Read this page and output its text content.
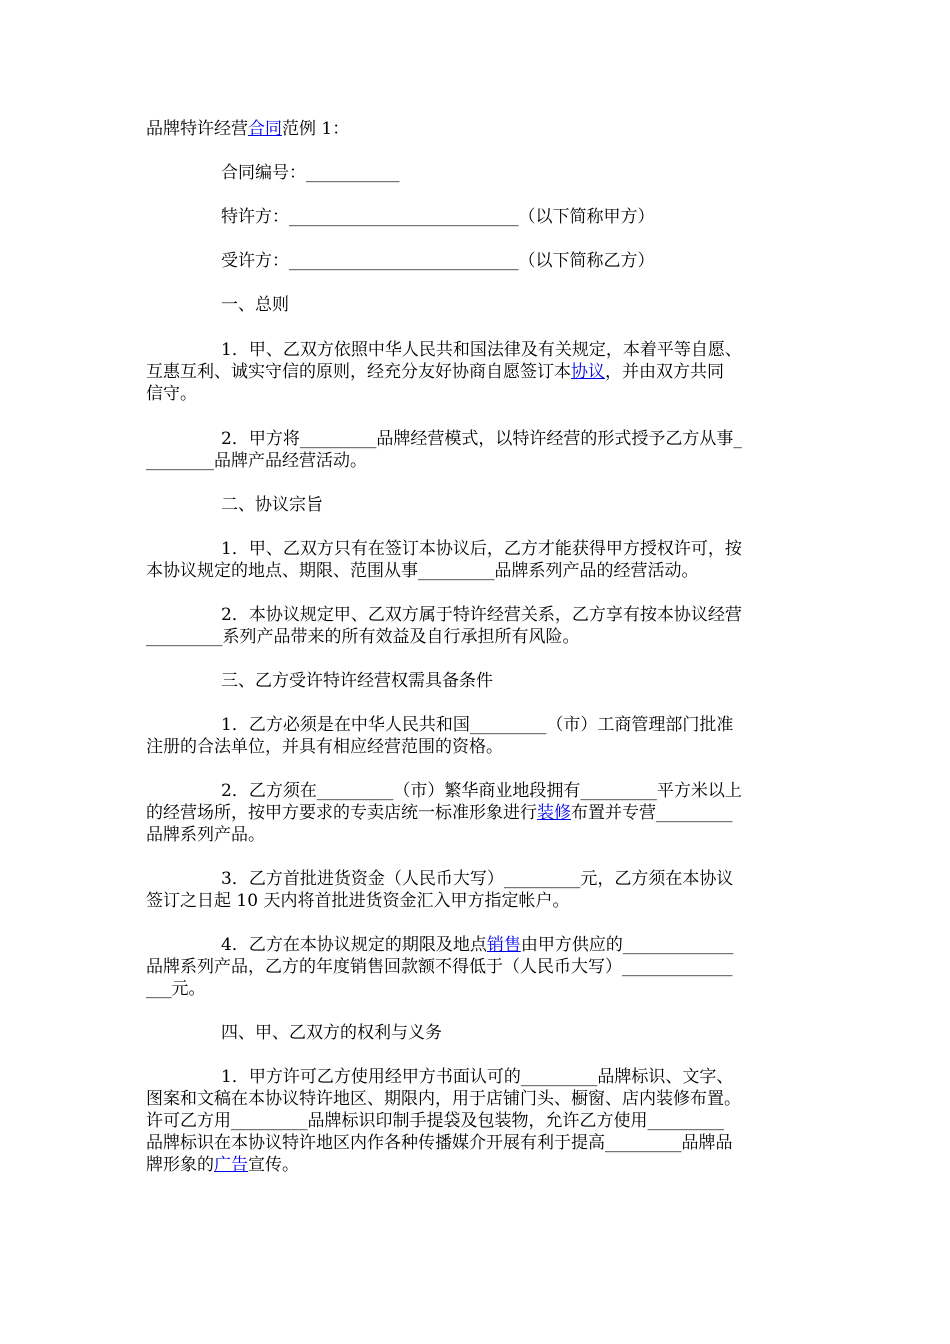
品牌特许经营合同范例 1：
合同编号：___________
特许方：___________________________（以下简称甲方）
受许方：___________________________（以下简称乙方）
一、总则
1．甲、乙双方依照中华人民共和国法律及有关规定，本着平等自愿、
互惠互利、诚实守信的原则，经充分友好协商自愿签订本协议，并由双方共同
信守。
2．甲方将_________品牌经营模式，以特许经营的形式授予乙方从事_
________品牌产品经营活动。
二、协议宗旨
1．甲、乙双方只有在签订本协议后，乙方才能获得甲方授权许可，按
本协议规定的地点、期限、范围从事_________品牌系列产品的经营活动。
2．本协议规定甲、乙双方属于特许经营关系，乙方享有按本协议经营
_________系列产品带来的所有效益及自行承担所有风险。
三、乙方受许特许经营权需具备条件
1．乙方必须是在中华人民共和国_________（市）工商管理部门批准
注册的合法单位，并具有相应经营范围的资格。
2．乙方须在_________（市）繁华商业地段拥有_________平方米以上
的经营场所，按甲方要求的专卖店统一标准形象进行装修布置并专营_________
品牌系列产品。
3．乙方首批进货资金（人民币大写）_________元，乙方须在本协议
签订之日起 10 天内将首批进货资金汇入甲方指定帐户。
4．乙方在本协议规定的期限及地点销售由甲方供应的_____________
品牌系列产品，乙方的年度销售回款额不得低于（人民币大写）_____________
___元。
四、甲、乙双方的权利与义务
1．甲方许可乙方使用经甲方书面认可的_________品牌标识、文字、
图案和文稿在本协议特许地区、期限内，用于店铺门头、橱窗、店内装修布置。
许可乙方用_________品牌标识印制手提袋及包装物，允许乙方使用_________
品牌标识在本协议特许地区内作各种传播媒介开展有利于提高_________品牌品
牌形象的广告宣传。
